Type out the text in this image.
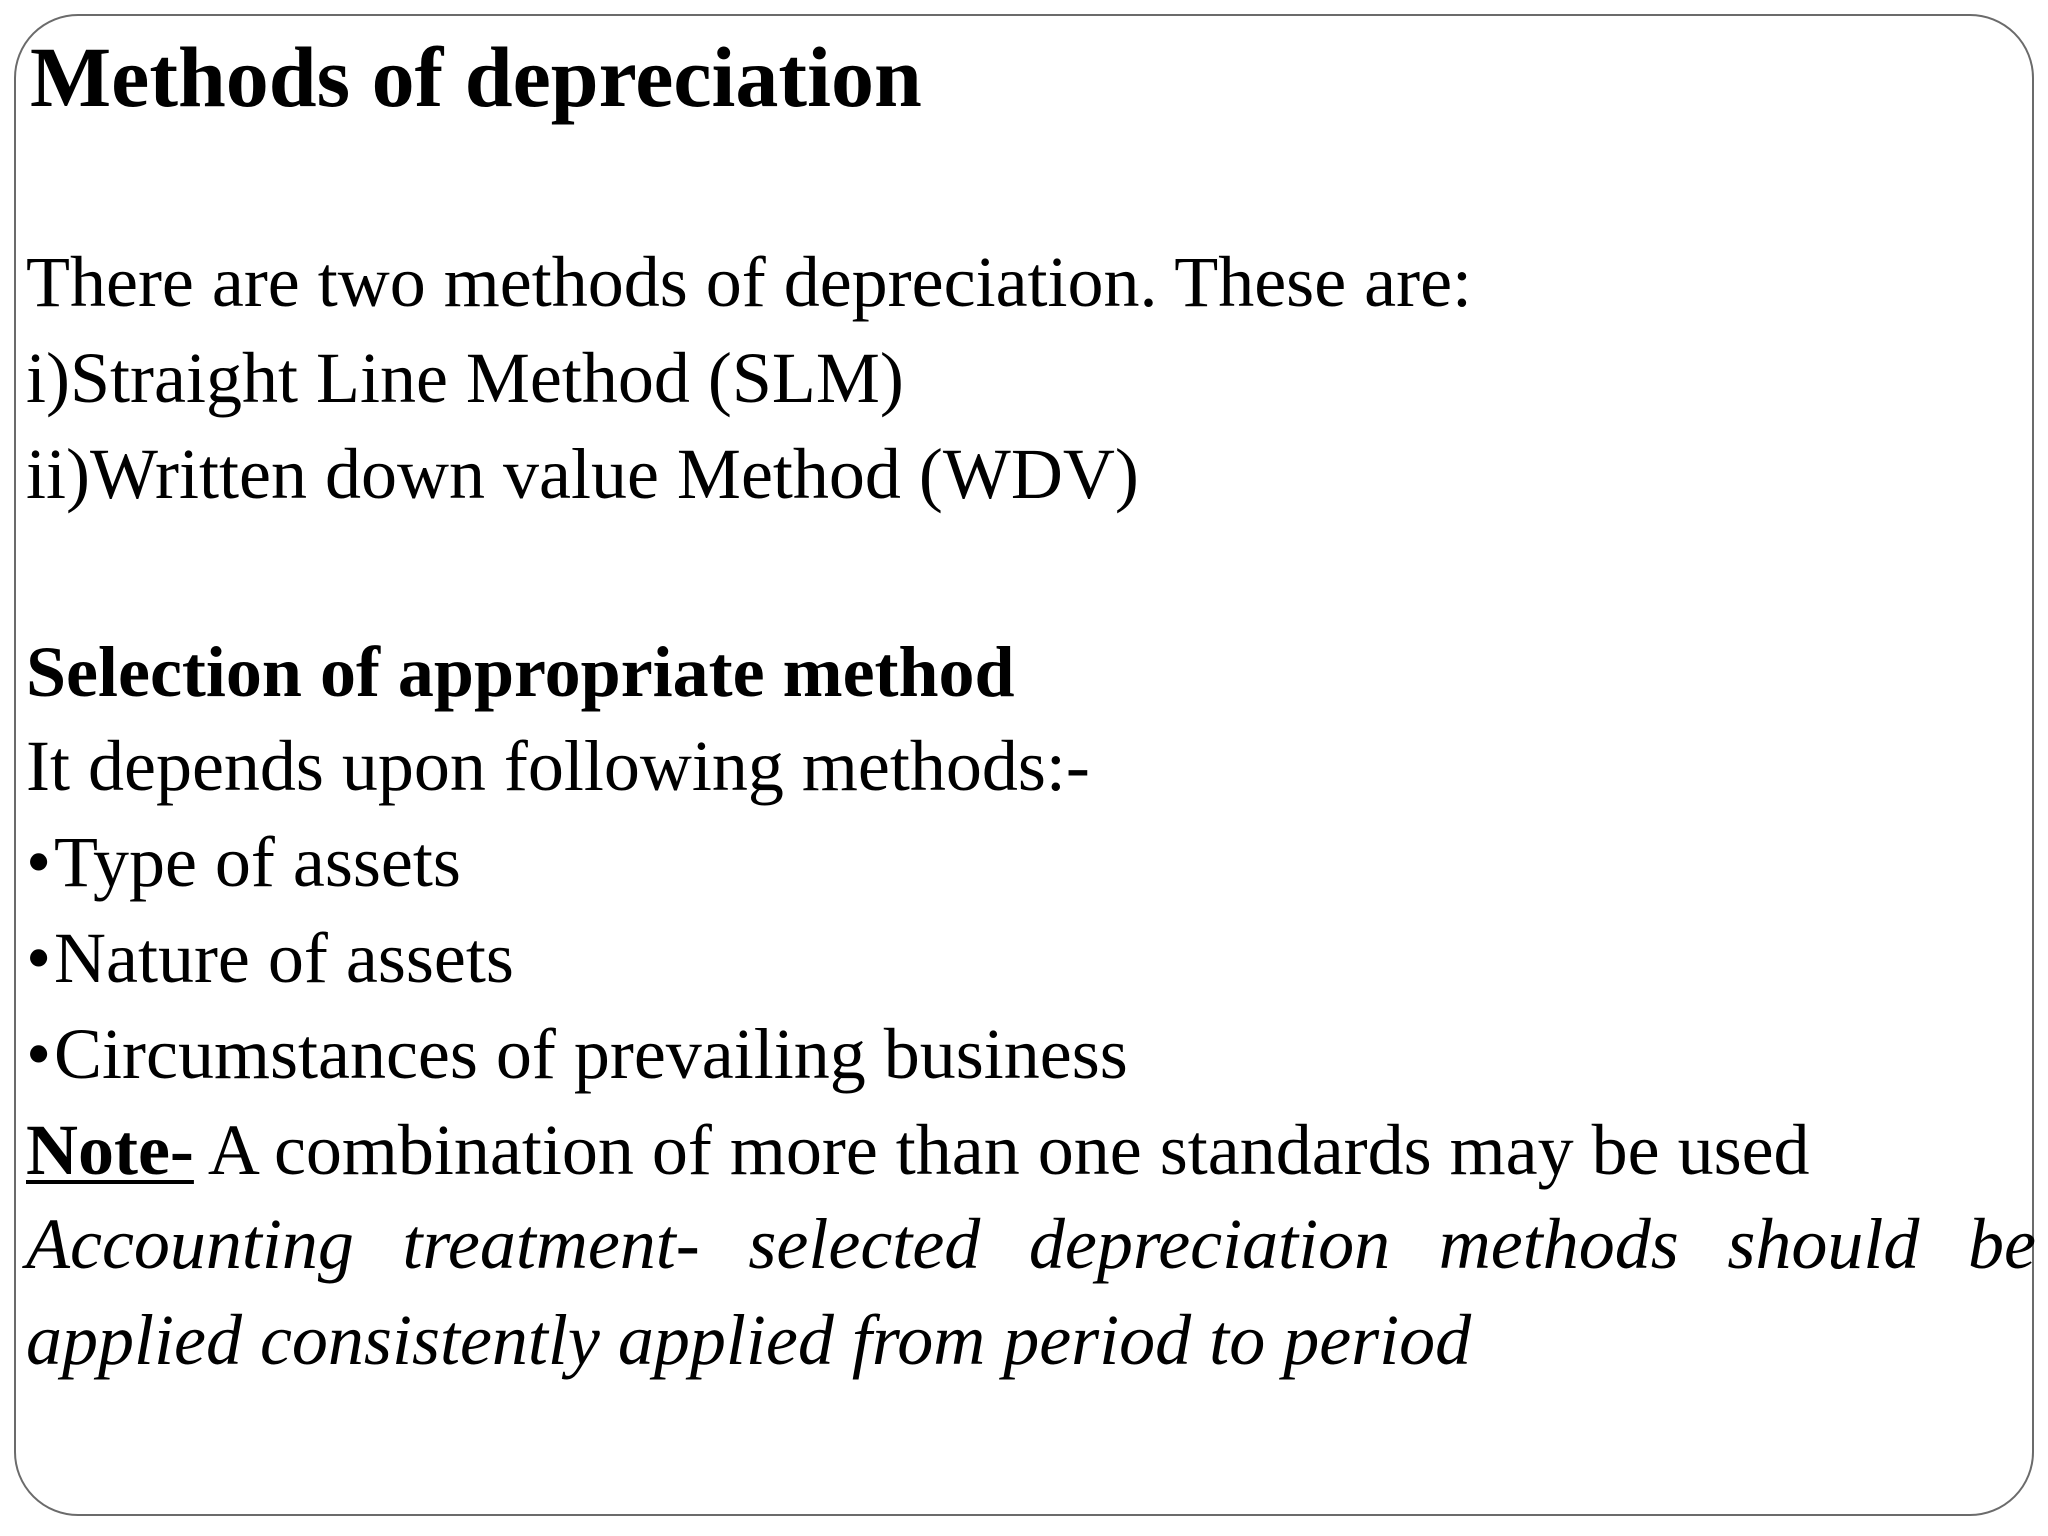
Methods of depreciation
There are two methods of depreciation. These are:
i)Straight Line Method (SLM)
ii)Written down value Method (WDV)
Selection of appropriate method
It depends upon following methods:-
•Type of assets
•Nature of assets
•Circumstances of prevailing business
Note- A combination of more than one standards may be used
Accounting treatment- selected depreciation methods should be applied consistently applied from period to period
